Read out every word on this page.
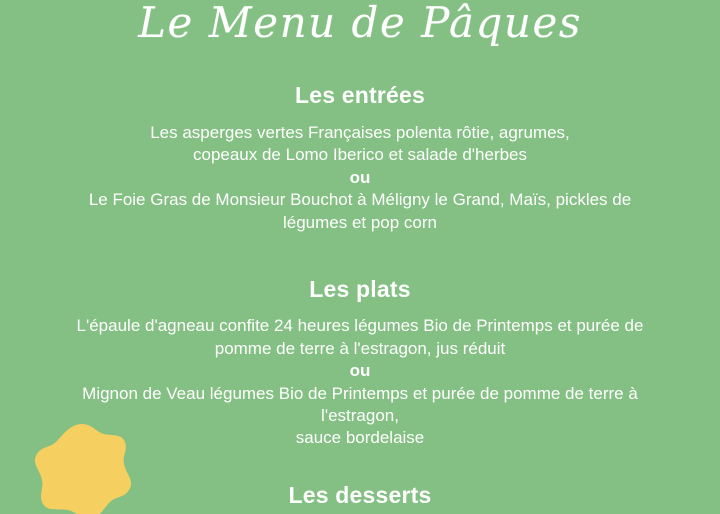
Le Menu de Pâques
Les entrées

Les asperges vertes Françaises polenta rôtie, agrumes,

copeaux de Lomo Iberico et salade d'herbes

ou

Le Foie Gras de Monsieur Bouchot à Méligny le Grand, Maïs, pickles de

légumes et pop corn

Les plats

L'épaule d'agneau confite 24 heures légumes Bio de Printemps et purée de

pomme de terre à l'estragon, jus réduit

ou

Mignon de Veau légumes Bio de Printemps et purée de pomme de terre à

l'estragon,

sauce bordelaise

Les desserts
